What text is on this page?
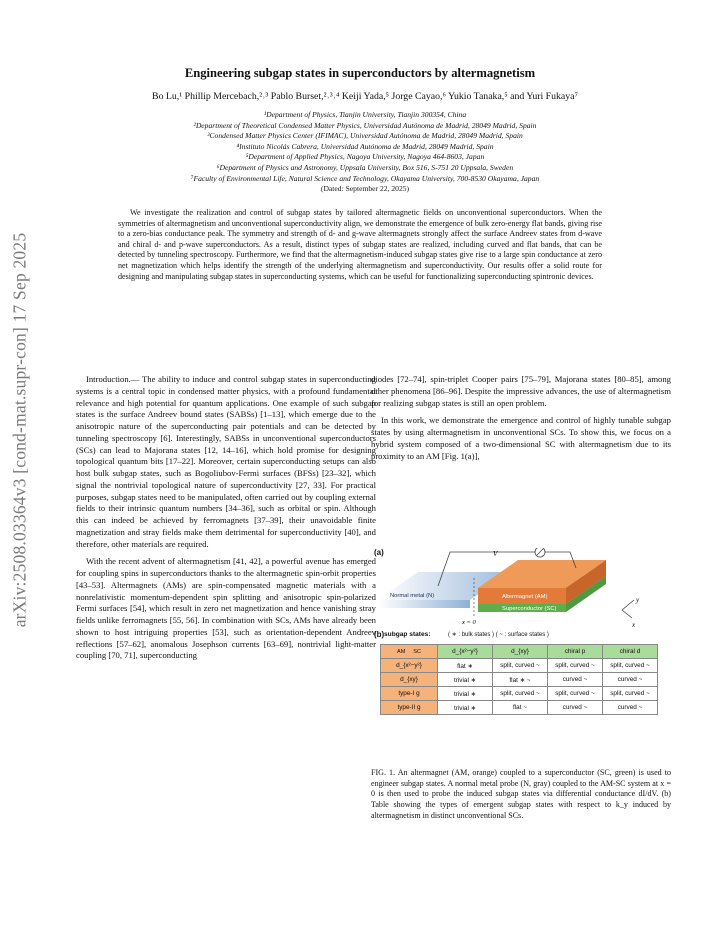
arXiv:2508.03364v3 [cond-mat.supr-con] 17 Sep 2025
Engineering subgap states in superconductors by altermagnetism
Bo Lu,¹ Phillip Mercebach,²˒³ Pablo Burset,²˒³˒⁴ Keiji Yada,⁵ Jorge Cayao,⁶ Yukio Tanaka,⁵ and Yuri Fukaya⁷
¹Department of Physics, Tianjin University, Tianjin 300354, China
²Department of Theoretical Condensed Matter Physics, Universidad Autónoma de Madrid, 28049 Madrid, Spain
³Condensed Matter Physics Center (IFIMAC), Universidad Autónoma de Madrid, 28049 Madrid, Spain
⁴Instituto Nicolás Cabrera, Universidad Autónoma de Madrid, 28049 Madrid, Spain
⁵Department of Applied Physics, Nagoya University, Nagoya 464-8603, Japan
⁶Department of Physics and Astronomy, Uppsala University, Box 516, S-751 20 Uppsala, Sweden
⁷Faculty of Environmental Life, Natural Science and Technology, Okayama University, 700-8530 Okayama, Japan
(Dated: September 22, 2025)
We investigate the realization and control of subgap states by tailored altermagnetic fields on unconventional superconductors. When the symmetries of altermagnetism and unconventional superconductivity align, we demonstrate the emergence of bulk zero-energy flat bands, giving rise to a zero-bias conductance peak. The symmetry and strength of d- and g-wave altermagnets strongly affect the surface Andreev states from d-wave and chiral d- and p-wave superconductors. As a result, distinct types of subgap states are realized, including curved and flat bands, that can be detected by tunneling spectroscopy. Furthermore, we find that the altermagnetism-induced subgap states give rise to a large spin conductance at zero net magnetization which helps identify the strength of the underlying altermagnetism and superconductivity. Our results offer a solid route for designing and manipulating subgap states in superconducting systems, which can be useful for functionalizing superconducting spintronic devices.

Introduction.— The ability to induce and control subgap states in superconducting systems is a central topic in condensed matter physics, with a profound fundamental relevance and high potential for quantum applications. One example of such subgap states is the surface Andreev bound states (SABSs) [1–13], which emerge due to the anisotropic nature of the superconducting pair potentials and can be detected by tunneling spectroscopy [6]. Interestingly, SABSs in unconventional superconductors (SCs) can lead to Majorana states [12, 14–16], which hold promise for designing topological quantum bits [17–22]. Moreover, certain superconducting setups can also host bulk subgap states, such as Bogoliubov-Fermi surfaces (BFSs) [23–32], which signal the nontrivial topological nature of superconductivity [27, 33]. For practical purposes, subgap states need to be manipulated, often carried out by coupling external fields to their intrinsic quantum numbers [34–36], such as orbital or spin. Although this can indeed be achieved by ferromagnets [37–39], their unavoidable finite magnetization and stray fields make them detrimental for superconductivity [40], and therefore, other materials are required.

With the recent advent of altermagnetism [41, 42], a powerful avenue has emerged for coupling spins in superconductors thanks to the altermagnetic spin-orbit properties [43–53]. Altermagnets (AMs) are spin-compensated magnetic materials with a nonrelativistic momentum-dependent spin splitting and anisotropic spin-polarized Fermi surfaces [54], which result in zero net magnetization and hence vanishing stray fields unlike ferromagnets [55, 56]. In combination with SCs, AMs have already been shown to host intriguing properties [53], such as orientation-dependent Andreev reflections [57–62], anomalous Josephson currents [63–69], nontrivial light-matter coupling [70, 71], superconducting

diodes [72–74], spin-triplet Cooper pairs [75–79], Majorana states [80–85], among other phenomena [86–96]. Despite the impressive advances, the use of altermagnetism for realizing subgap states is still an open problem.

In this work, we demonstrate the emergence and control of highly tunable subgap states by using altermagnetism in unconventional SCs. To show this, we focus on a hybrid system composed of a two-dimensional SC with altermagnetism due to its proximity to an AM [Fig. 1(a)],

(a)	V
Normal metal (N)	Altermagnet (AM)
Superconductor (SC)
x = 0	x
y
(b) subgap states:	( ∗ : bulk states ) ( ~ : surface states )
AM SC	d_{x²−y²}	d_{xy}	chiral p	chiral d
d_{x²−y²}	flat ∗	split, curved ~	split, curved ~	split, curved ~
d_{xy}	trivial ∗	flat ∗ ~	curved ~	curved ~
type-I g	trivial ∗	split, curved ~	split, curved ~	split, curved ~
type-II g	trivial ∗	flat ~	curved ~	curved ~
FIG. 1. An altermagnet (AM, orange) coupled to a superconductor (SC, green) is used to engineer subgap states. A normal metal probe (N, gray) coupled to the AM-SC system at x = 0 is then used to probe the induced subgap states via differential conductance dI/dV. (b) Table showing the types of emergent subgap states with respect to k_y induced by altermagnetism in distinct unconventional SCs.
